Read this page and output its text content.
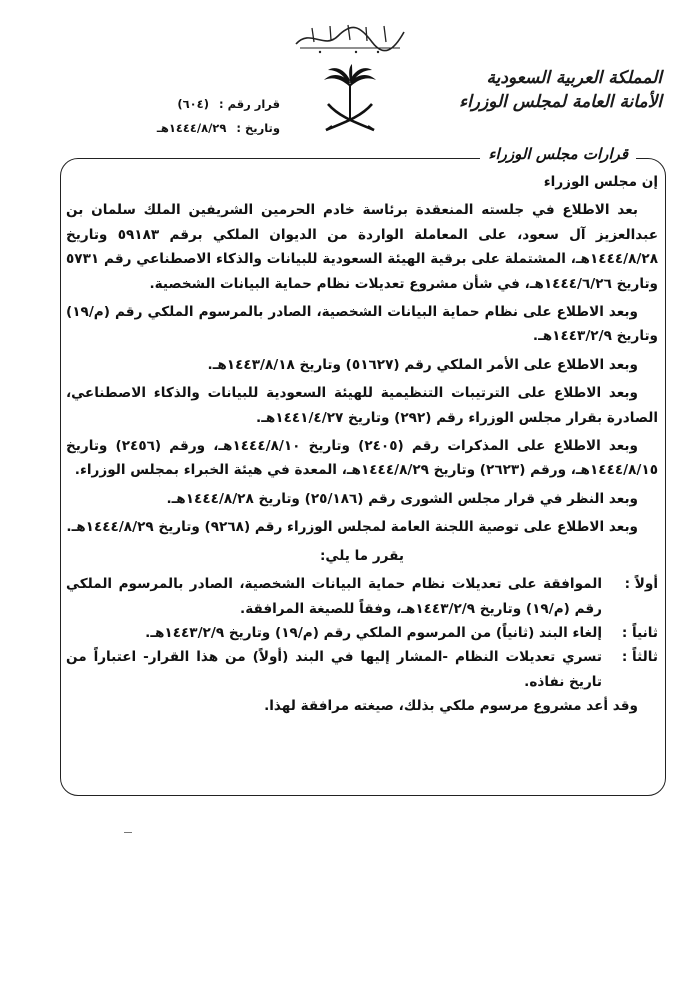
المملكة العربية السعودية
الأمانة العامة لمجلس الوزراء
قرار رقم : (٦٠٤)
وتاريخ : ١٤٤٤/٨/٢٩هـ
قرارات مجلس الوزراء

إن مجلس الوزراء

بعد الاطلاع في جلسته المنعقدة برئاسة خادم الحرمين الشريفين الملك سلمان بن عبدالعزيز آل سعود، على المعاملة الواردة من الديوان الملكي برقم ٥٩١٨٣ وتاريخ ١٤٤٤/٨/٢٨هـ، المشتملة على برقية الهيئة السعودية للبيانات والذكاء الاصطناعي رقم ٥٧٣١ وتاريخ ١٤٤٤/٦/٢٦هـ، في شأن مشروع تعديلات نظام حماية البيانات الشخصية.

وبعد الاطلاع على نظام حماية البيانات الشخصية، الصادر بالمرسوم الملكي رقم (م/١٩) وتاريخ ١٤٤٣/٢/٩هـ.

وبعد الاطلاع على الأمر الملكي رقم (٥١٦٢٧) وتاريخ ١٤٤٣/٨/١٨هـ.

وبعد الاطلاع على الترتيبات التنظيمية للهيئة السعودية للبيانات والذكاء الاصطناعي، الصادرة بقرار مجلس الوزراء رقم (٢٩٢) وتاريخ ١٤٤١/٤/٢٧هـ.

وبعد الاطلاع على المذكرات رقم (٢٤٠٥) وتاريخ ١٤٤٤/٨/١٠هـ، ورقم (٢٤٥٦) وتاريخ ١٤٤٤/٨/١٥هـ، ورقم (٢٦٢٣) وتاريخ ١٤٤٤/٨/٢٩هـ، المعدة في هيئة الخبراء بمجلس الوزراء.

وبعد النظر في قرار مجلس الشورى رقم (٢٥/١٨٦) وتاريخ ١٤٤٤/٨/٢٨هـ.

وبعد الاطلاع على توصية اللجنة العامة لمجلس الوزراء رقم (٩٢٦٨) وتاريخ ١٤٤٤/٨/٢٩هـ.

يقرر ما يلي:

أولاً :
الموافقة على تعديلات نظام حماية البيانات الشخصية، الصادر بالمرسوم الملكي رقم (م/١٩) وتاريخ ١٤٤٣/٢/٩هـ، وفقاً للصيغة المرافقة.
ثانياً :
إلغاء البند (ثانياً) من المرسوم الملكي رقم (م/١٩) وتاريخ ١٤٤٣/٢/٩هـ.
ثالثاً :
تسري تعديلات النظام -المشار إليها في البند (أولاً) من هذا القرار- اعتباراً من تاريخ نفاذه.

وقد أعد مشروع مرسوم ملكي بذلك، صيغته مرافقة لهذا.
